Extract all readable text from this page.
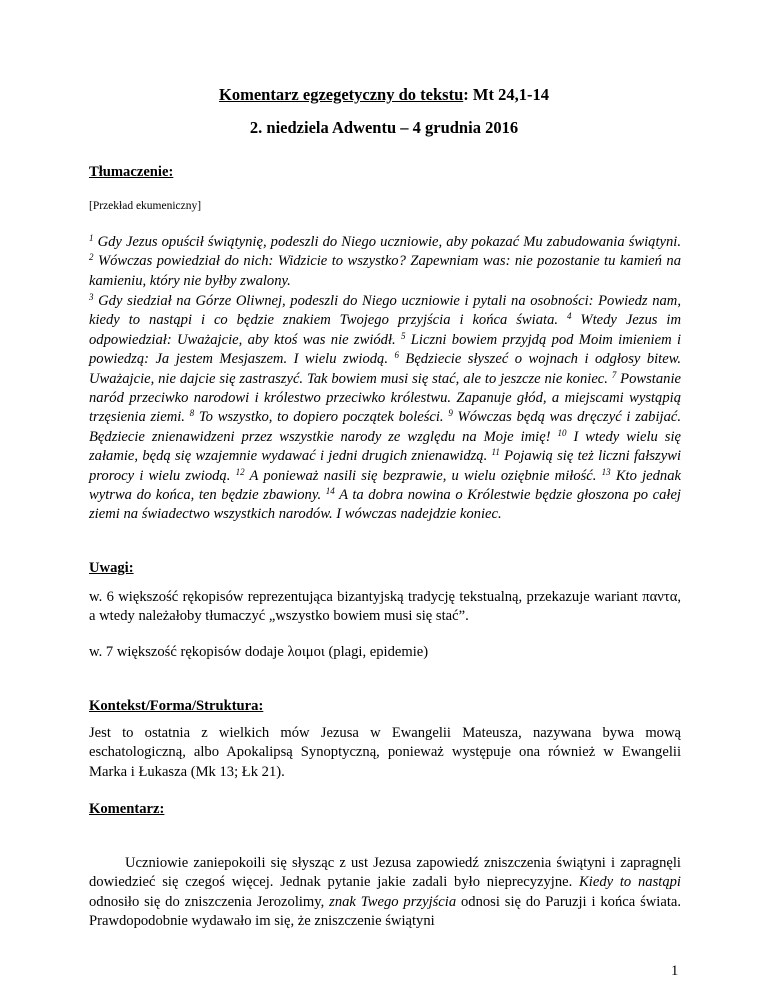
Komentarz egzegetyczny do tekstu: Mt 24,1-14
2. niedziela Adwentu – 4 grudnia 2016
Tłumaczenie:
[Przekład ekumeniczny]
$^1$ Gdy Jezus opuścił świątynię, podeszli do Niego uczniowie, aby pokazać Mu zabudowania świątyni. $^2$ Wówczas powiedział do nich: Widzicie to wszystko? Zapewniam was: nie pozostanie tu kamień na kamieniu, który nie byłby zwalony.
$^3$ Gdy siedział na Górze Oliwnej, podeszli do Niego uczniowie i pytali na osobności: Powiedz nam, kiedy to nastąpi i co będzie znakiem Twojego przyjścia i końca świata. $^4$ Wtedy Jezus im odpowiedział: Uważajcie, aby ktoś was nie zwiódł. $^5$ Liczni bowiem przyjdą pod Moim imieniem i powiedzą: Ja jestem Mesjaszem. I wielu zwiodą. $^6$ Będziecie słyszeć o wojnach i odgłosy bitew. Uważajcie, nie dajcie się zastraszyć. Tak bowiem musi się stać, ale to jeszcze nie koniec. $^7$ Powstanie naród przeciwko narodowi i królestwo przeciwko królestwu. Zapanuje głód, a miejscami wystąpią trzęsienia ziemi. $^8$ To wszystko, to dopiero początek boleści. $^9$ Wówczas będą was dręczyć i zabijać. Będziecie znienawidzeni przez wszystkie narody ze względu na Moje imię! $^{10}$ I wtedy wielu się załamie, będą się wzajemnie wydawać i jedni drugich znienawidzą. $^{11}$ Pojawią się też liczni fałszywi prorocy i wielu zwiodą. $^{12}$ A ponieważ nasili się bezprawie, u wielu oziębnie miłość. $^{13}$ Kto jednak wytrwa do końca, ten będzie zbawiony. $^{14}$ A ta dobra nowina o Królestwie będzie głoszona po całej ziemi na świadectwo wszystkich narodów. I wówczas nadejdzie koniec.
Uwagi:
w. 6 większość rękopisów reprezentująca bizantyjską tradycję tekstualną, przekazuje wariant παντα, a wtedy należałoby tłumaczyć „wszystko bowiem musi się stać”.
w. 7 większość rękopisów dodaje λοιμοι (plagi, epidemie)
Kontekst/Forma/Struktura:
Jest to ostatnia z wielkich mów Jezusa w Ewangelii Mateusza, nazywana bywa mową eschatologiczną, albo Apokalipsą Synoptyczną, ponieważ występuje ona również w Ewangelii Marka i Łukasza (Mk 13; Łk 21).
Komentarz:
Uczniowie zaniepokoili się słysząc z ust Jezusa zapowiedź zniszczenia świątyni i zapragnęli dowiedzieć się czegoś więcej. Jednak pytanie jakie zadali było nieprecyzyjne. Kiedy to nastąpi odnosiło się do zniszczenia Jerozolimy, znak Twego przyjścia odnosi się do Paruzji i końca świata. Prawdopodobnie wydawało im się, że zniszczenie świątyni
1
